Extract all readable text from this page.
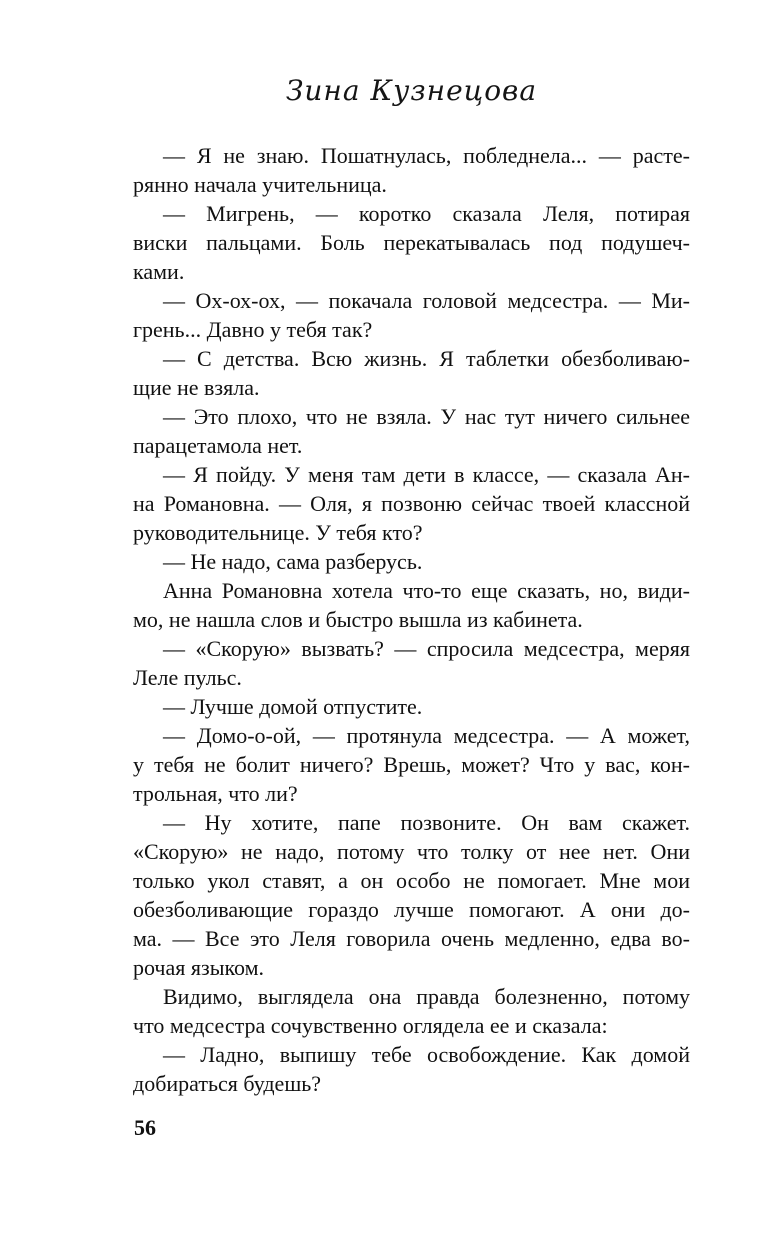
Зина Кузнецова
— Я не знаю. Пошатнулась, побледнела... — расте-
рянно начала учительница.
— Мигрень, — коротко сказала Леля, потирая
виски пальцами. Боль перекатывалась под подушеч-
ками.
— Ох-ох-ох, — покачала головой медсестра. — Ми-
грень... Давно у тебя так?
— С детства. Всю жизнь. Я таблетки обезболиваю-
щие не взяла.
— Это плохо, что не взяла. У нас тут ничего сильнее
парацетамола нет.
— Я пойду. У меня там дети в классе, — сказала Ан-
на Романовна. — Оля, я позвоню сейчас твоей классной
руководительнице. У тебя кто?
— Не надо, сама разберусь.
Анна Романовна хотела что-то еще сказать, но, види-
мо, не нашла слов и быстро вышла из кабинета.
— «Скорую» вызвать? — спросила медсестра, меряя
Леле пульс.
— Лучше домой отпустите.
— Домо-о-ой, — протянула медсестра. — А может,
у тебя не болит ничего? Врешь, может? Что у вас, кон-
трольная, что ли?
— Ну хотите, папе позвоните. Он вам скажет.
«Скорую» не надо, потому что толку от нее нет. Они
только укол ставят, а он особо не помогает. Мне мои
обезболивающие гораздо лучше помогают. А они до-
ма. — Все это Леля говорила очень медленно, едва во-
рочая языком.
Видимо, выглядела она правда болезненно, потому
что медсестра сочувственно оглядела ее и сказала:
— Ладно, выпишу тебе освобождение. Как домой
добираться будешь?
56
